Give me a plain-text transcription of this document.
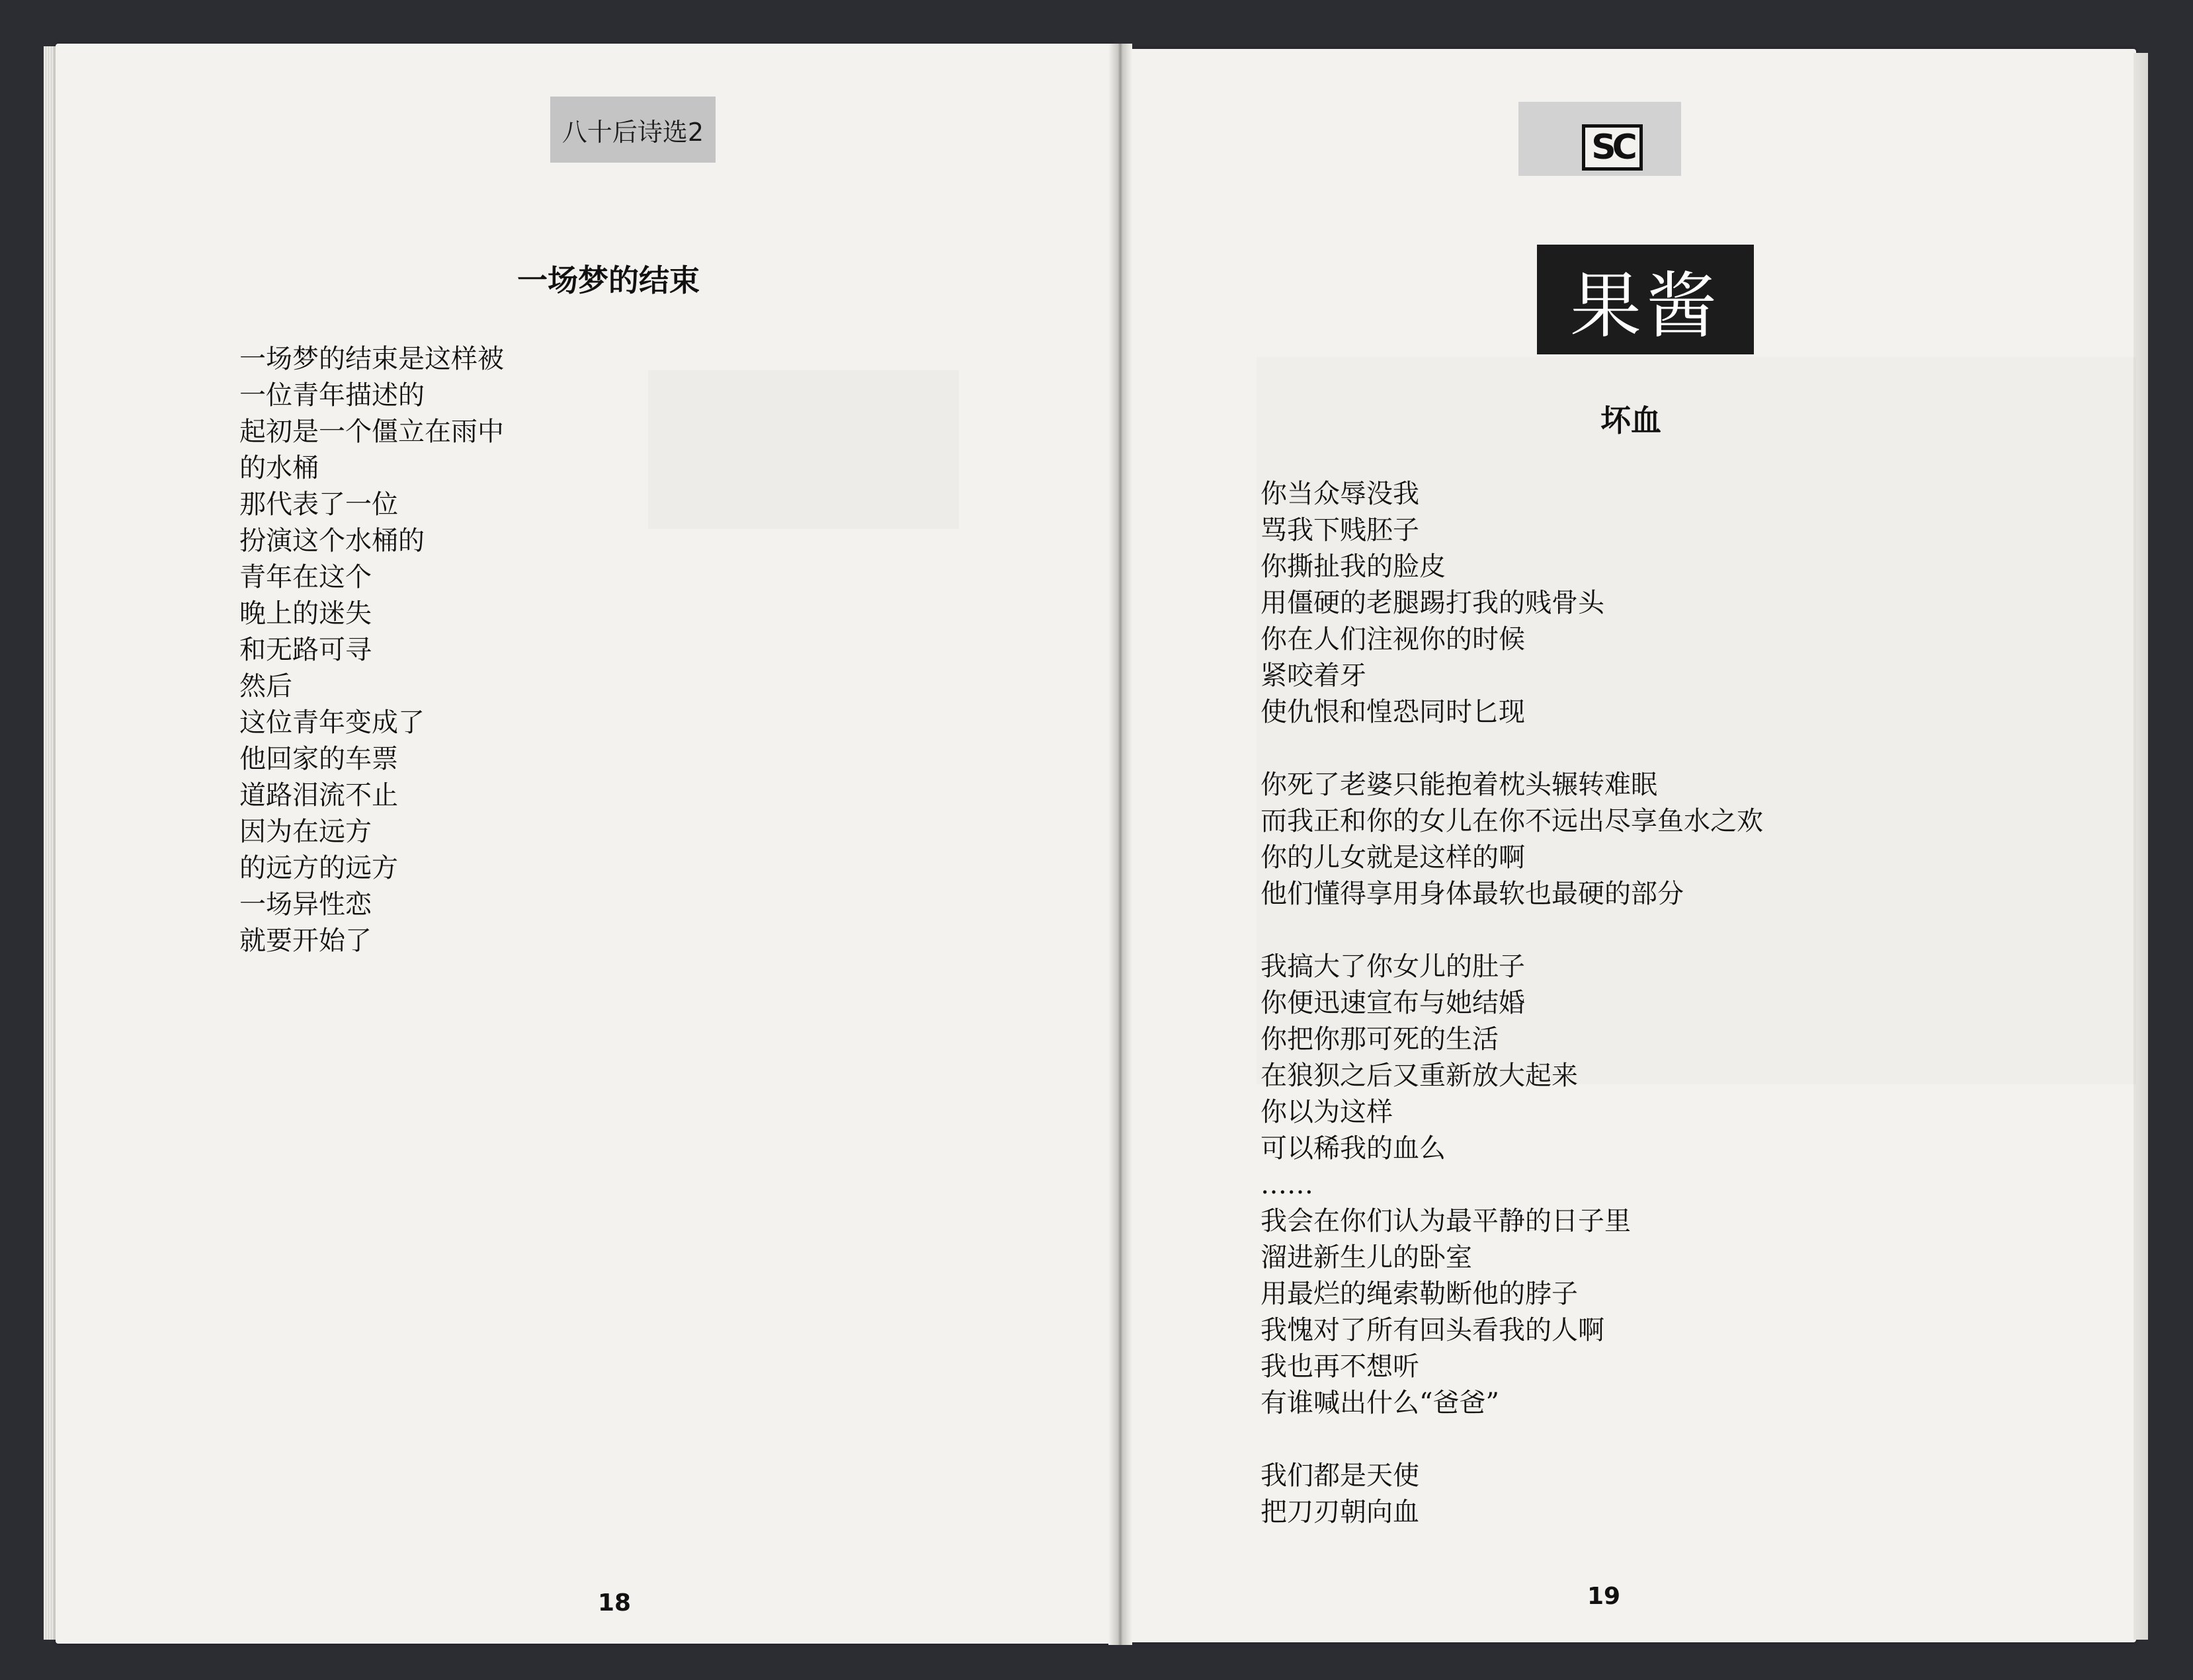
八十后诗选2
一场梦的结束
一场梦的结束是这样被
一位青年描述的
起初是一个僵立在雨中
的水桶
那代表了一位
扮演这个水桶的
青年在这个
晚上的迷失
和无路可寻
然后
这位青年变成了
他回家的车票
道路泪流不止
因为在远方
的远方的远方
一场异性恋
就要开始了
18
SC
果酱
坏血
你当众辱没我
骂我下贱胚子
你撕扯我的脸皮
用僵硬的老腿踢打我的贱骨头
你在人们注视你的时候
紧咬着牙
使仇恨和惶恐同时匕现
你死了老婆只能抱着枕头辗转难眠
而我正和你的女儿在你不远出尽享鱼水之欢
你的儿女就是这样的啊
他们懂得享用身体最软也最硬的部分
我搞大了你女儿的肚子
你便迅速宣布与她结婚
你把你那可死的生活
在狼狈之后又重新放大起来
你以为这样
可以稀我的血么
……
我会在你们认为最平静的日子里
溜进新生儿的卧室
用最烂的绳索勒断他的脖子
我愧对了所有回头看我的人啊
我也再不想听
有谁喊出什么“爸爸”
我们都是天使
把刀刃朝向血
19
